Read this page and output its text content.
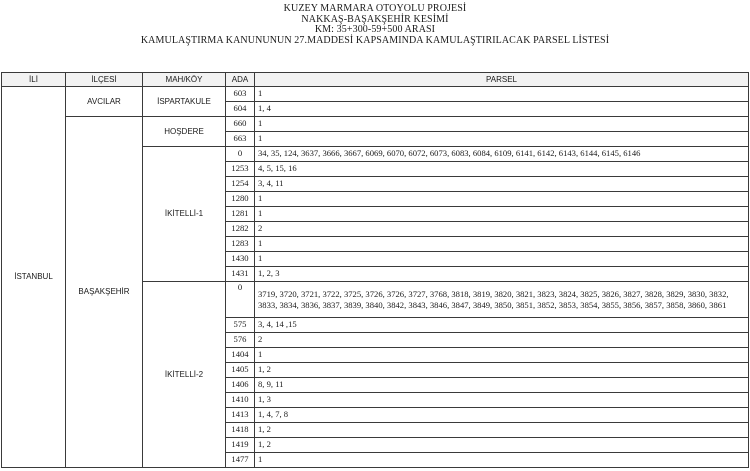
KUZEY MARMARA OTOYOLU PROJESİ
NAKKAŞ-BAŞAKŞEHİR KESİMİ
KM: 35+300-59+500 ARASI
KAMULAŞTIRMA KANUNUNUN 27.MADDESİ KAPSAMINDA KAMULAŞTIRILACAK PARSEL LİSTESİ
İLİ	İLÇESİ	MAH/KÖY	ADA	PARSEL
İSTANBUL	AVCILAR	İSPARTAKULE	603	1
			604	1, 4
	BAŞAKŞEHİR	HOŞDERE	660	1
			663	1
		İKİTELLİ-1	0	34, 35, 124, 3637, 3666, 3667, 6069, 6070, 6072, 6073, 6083, 6084, 6109, 6141, 6142, 6143, 6144, 6145, 6146
			1253	4, 5, 15, 16
			1254	3, 4, 11
			1280	1
			1281	1
			1282	2
			1283	1
			1430	1
			1431	1, 2, 3
		İKİTELLİ-2	0	3719, 3720, 3721, 3722, 3725, 3726, 3726, 3727, 3768, 3818, 3819, 3820, 3821, 3823, 3824, 3825, 3826, 3827, 3828, 3829, 3830, 3832, 3833, 3834, 3836, 3837, 3839, 3840, 3842, 3843, 3846, 3847, 3849, 3850, 3851, 3852, 3853, 3854, 3855, 3856, 3857, 3858, 3860, 3861
			575	3, 4, 14 ,15
			576	2
			1404	1
			1405	1, 2
			1406	8, 9, 11
			1410	1, 3
			1413	1, 4, 7, 8
			1418	1, 2
			1419	1, 2
			1477	1
